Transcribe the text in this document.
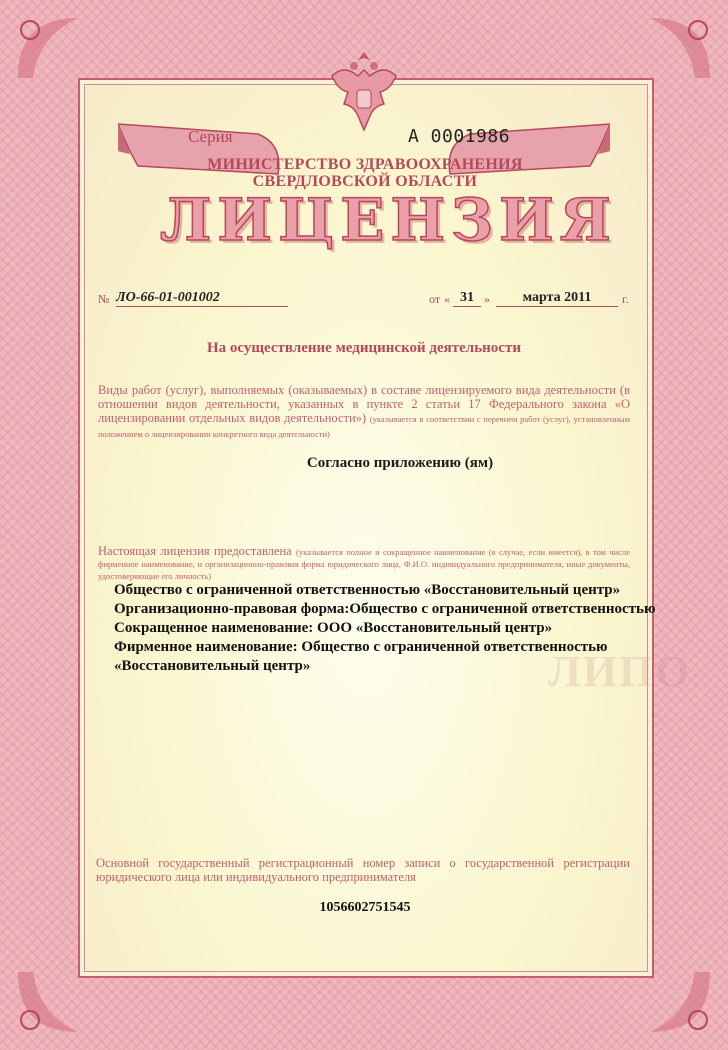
ЛИПО
Серия	А 0001986
МИНИСТЕРСТВО ЗДРАВООХРАНЕНИЯ
СВЕРДЛОВСКОЙ ОБЛАСТИ
ЛИЦЕНЗИЯ
№ ЛО-66-01-001002	от « 31 »	марта 2011	г.
На осуществление медицинской деятельности
Виды работ (услуг), выполняемых (оказываемых) в составе лицензируемого вида деятельности (в отношении видов деятельности, указанных в пункте 2 статьи 17 Федерального закона «О лицензировании отдельных видов деятельности») (указывается в соответствии с перечнем работ (услуг), установленным положением о лицензировании конкретного вида деятельности)
Согласно приложению (ям)
Настоящая лицензия предоставлена (указывается полное и сокращенное наименование (в случае, если имеется), в том числе фирменное наименование, и организационно-правовая форма юридического лица, Ф.И.О. индивидуального предпринимателя, иные документы, удостоверяющие его личность)
Общество с ограниченной ответственностью «Восстановительный центр»
Организационно-правовая форма:Общество с ограниченной ответственностью
Сокращенное наименование: ООО «Восстановительный центр»
Фирменное наименование: Общество с ограниченной ответственностью
«Восстановительный центр»
Основной государственный регистрационный номер записи о государственной регистрации юридического лица или индивидуального предпринимателя
1056602751545
